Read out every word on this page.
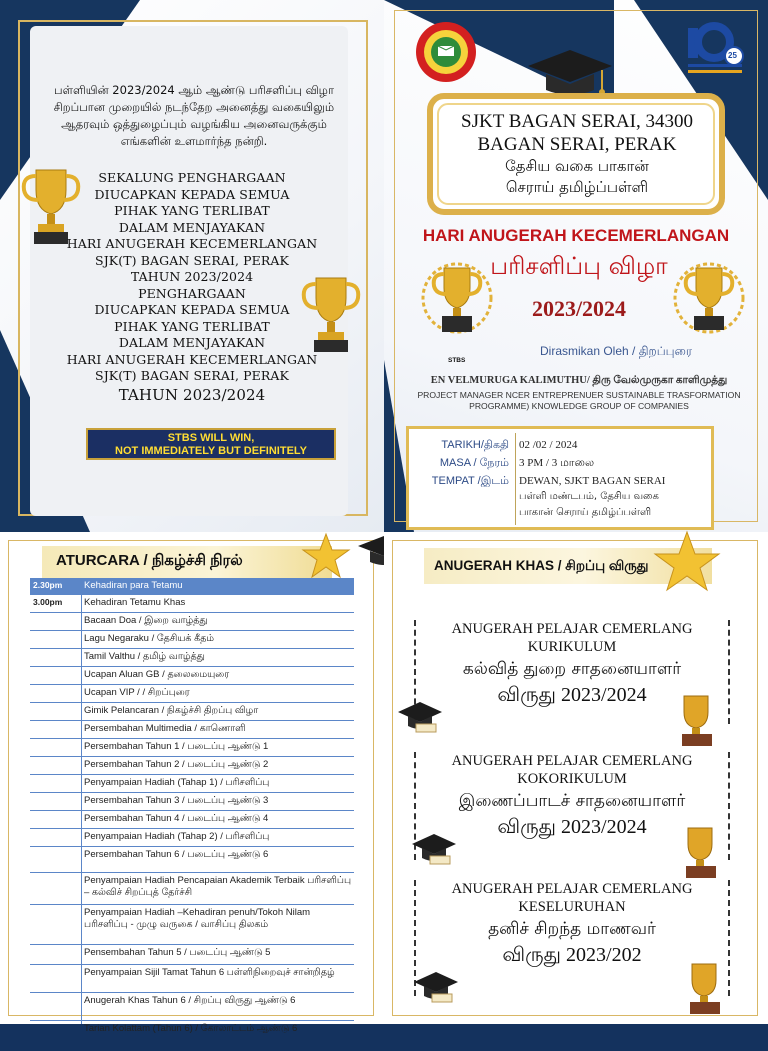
பள்ளியின் 2023/2024 ஆம் ஆண்டு பரிசளிப்பு விழா சிறப்பான முறையில் நடந்தேற அனைத்து வகையிலும் ஆதரவும் ஒத்துழைப்பும் வழங்கிய அனைவருக்கும் எங்களின் உளமார்ந்த நன்றி.
SEKALUNG PENGHARGAAN
DIUCAPKAN KEPADA SEMUA
PIHAK YANG TERLIBAT
DALAM MENJAYAKAN
HARI ANUGERAH KECEMERLANGAN
SJK(T) BAGAN SERAI, PERAK
TAHUN 2023/2024
PENGHARGAAN
DIUCAPKAN KEPADA SEMUA
PIHAK YANG TERLIBAT
DALAM MENJAYAKAN
HARI ANUGERAH KECEMERLANGAN
SJK(T) BAGAN SERAI, PERAK
TAHUN 2023/2024
STBS WILL WIN,
NOT IMMEDIATELY BUT DEFINITELY
25
SJKT BAGAN SERAI, 34300
BAGAN SERAI, PERAK
தேசிய வகை பாகான்
செராய் தமிழ்ப்பள்ளி
HARI ANUGERAH KECEMERLANGAN
பரிசளிப்பு விழா
2023/2024
STBS
Dirasmikan Oleh / திறப்புரை
EN VELMURUGA KALIMUTHU/ திரு வேல்முருகா காளிமுத்து
PROJECT MANAGER NCER ENTREPRENUER SUSTAINABLE TRASFORMATION PROGRAMME) KNOWLEDGE GROUP OF COMPANIES
TARIKH/திகதி 02 /02 / 2024
MASA / நேரம் 3 PM / 3 மாலை
TEMPAT /இடம் DEWAN, SJKT BAGAN SERAI
பள்ளி மண்டபம், தேசிய வகை
பாகான் செராய் தமிழ்ப்பள்ளி
ATURCARA / நிகழ்ச்சி நிரல்
2.30pm Kehadiran para Tetamu
3.00pm Kehadiran Tetamu Khas
Bacaan Doa / இறை வாழ்த்து
Lagu Negaraku / தேசியக் கீதம்
Tamil Valthu / தமிழ் வாழ்த்து
Ucapan Aluan GB / தலைமையுரை
Ucapan VIP / / சிறப்புரை
Gimik Pelancaran / நிகழ்ச்சி திறப்பு விழா
Persembahan Multimedia / காணொளி
Persembahan Tahun 1 / படைப்பு ஆண்டு 1
Persembahan Tahun 2 / படைப்பு ஆண்டு 2
Penyampaian Hadiah (Tahap 1) / பரிசளிப்பு
Persembahan Tahun 3 / படைப்பு ஆண்டு 3
Persembahan Tahun 4 / படைப்பு ஆண்டு 4
Penyampaian Hadiah (Tahap 2) / பரிசளிப்பு
Persembahan Tahun 6 / படைப்பு ஆண்டு 6
Penyampaian Hadiah Pencapaian Akademik Terbaik பரிசளிப்பு – கல்விச் சிறப்புத் தேர்ச்சி
Penyampaian Hadiah –Kehadiran penuh/Tokoh Nilam பரிசளிப்பு - முழு வருகை / வாசிப்பு திலகம்
Pensembahan Tahun 5 / படைப்பு ஆண்டு 5
Penyampaian Sijil Tamat Tahun 6 பள்ளிநிறைவுச் சான்றிதழ்
Anugerah Khas Tahun 6 / சிறப்பு விருது ஆண்டு 6
Tarian Kolattam (Tahun 6) / கோலாட்டம் ஆண்டு 6
ANUGERAH KHAS / சிறப்பு விருது
ANUGERAH PELAJAR CEMERLANG
KURIKULUM
கல்வித் துறை சாதனையாளர்
விருது 2023/2024
ANUGERAH PELAJAR CEMERLANG
KOKORIKULUM
இணைப்பாடச் சாதனையாளர்
விருது 2023/2024
ANUGERAH PELAJAR CEMERLANG
KESELURUHAN
தனிச் சிறந்த மாணவர்
விருது 2023/202
